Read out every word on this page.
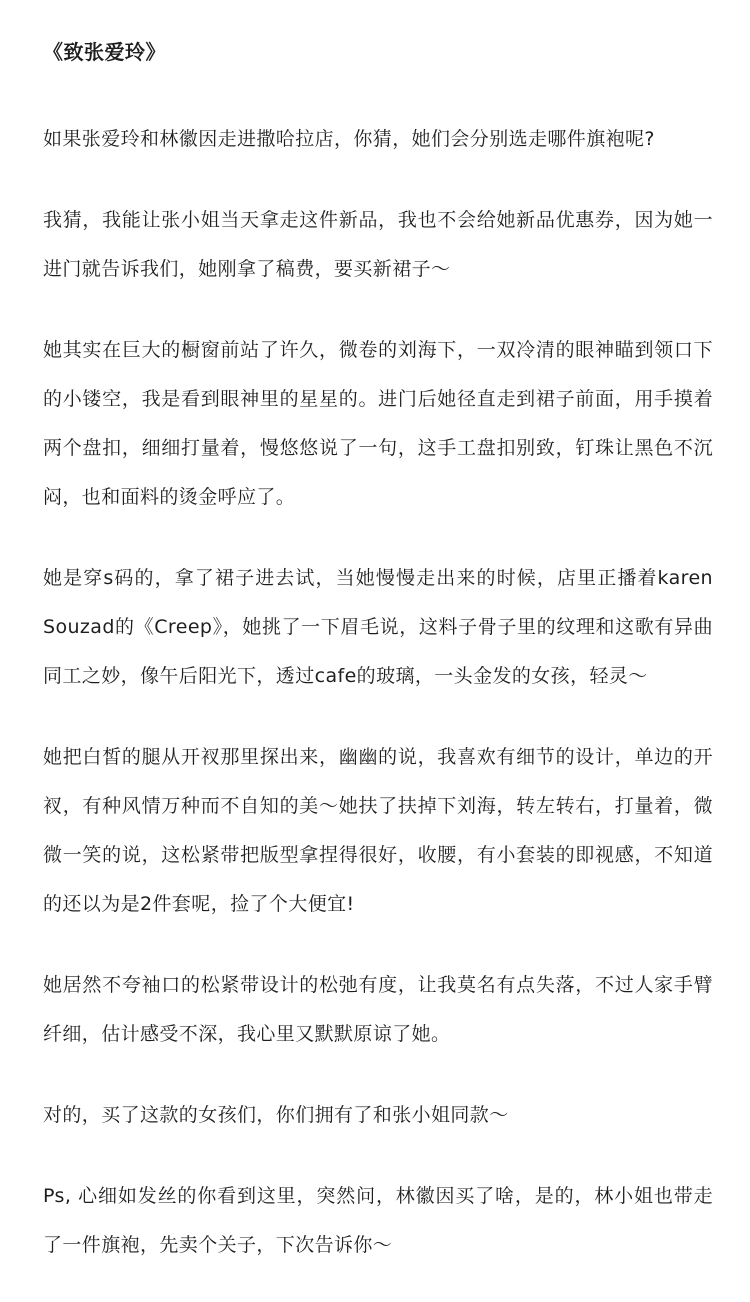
《致张爱玲》

如果张爱玲和林徽因走进撒哈拉店，你猜，她们会分别选走哪件旗袍呢?

我猜，我能让张小姐当天拿走这件新品，我也不会给她新品优惠券，因为她一进门就告诉我们，她刚拿了稿费，要买新裙子～

她其实在巨大的橱窗前站了许久，微卷的刘海下，一双冷清的眼神瞄到领口下的小镂空，我是看到眼神里的星星的。进门后她径直走到裙子前面，用手摸着两个盘扣，细细打量着，慢悠悠说了一句，这手工盘扣别致，钉珠让黑色不沉闷，也和面料的烫金呼应了。

她是穿s码的，拿了裙子进去试，当她慢慢走出来的时候，店里正播着karen Souzad的《Creep》，她挑了一下眉毛说，这料子骨子里的纹理和这歌有异曲同工之妙，像午后阳光下，透过cafe的玻璃，一头金发的女孩，轻灵～

她把白皙的腿从开衩那里探出来，幽幽的说，我喜欢有细节的设计，单边的开衩，有种风情万种而不自知的美～她扶了扶掉下刘海，转左转右，打量着，微微一笑的说，这松紧带把版型拿捏得很好，收腰，有小套装的即视感，不知道的还以为是2件套呢，捡了个大便宜!

她居然不夸袖口的松紧带设计的松弛有度，让我莫名有点失落，不过人家手臂纤细，估计感受不深，我心里又默默原谅了她。

对的，买了这款的女孩们，你们拥有了和张小姐同款～

Ps, 心细如发丝的你看到这里，突然问，林徽因买了啥，是的，林小姐也带走了一件旗袍，先卖个关子，下次告诉你～
